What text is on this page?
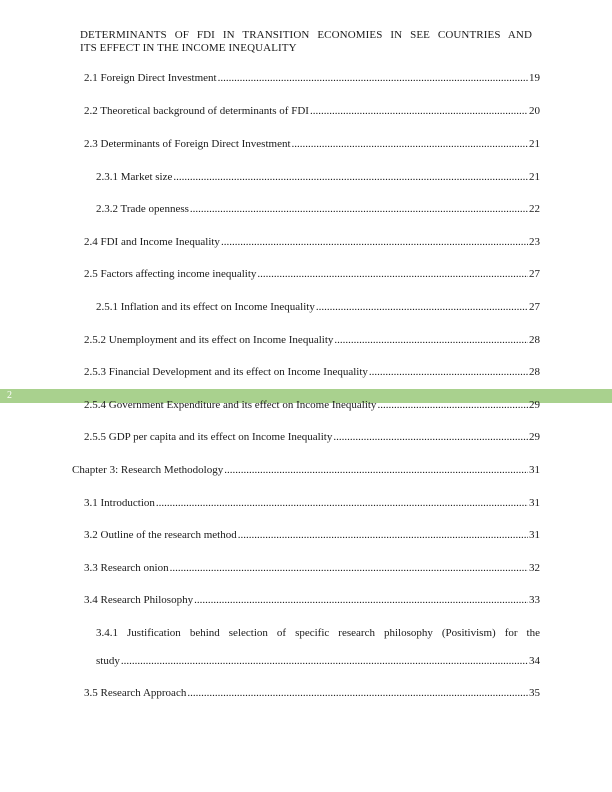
DETERMINANTS OF FDI IN TRANSITION ECONOMIES IN SEE COUNTRIES AND
ITS EFFECT IN THE INCOME INEQUALITY
2.1 Foreign Direct Investment .....	19
2.2 Theoretical background of determinants of FDI .....	20
2.3 Determinants of Foreign Direct Investment .....	21
2.3.1 Market size .....	21
2.3.2 Trade openness .....	22
2.4 FDI and Income Inequality .....	23
2.5 Factors affecting income inequality .....	27
2.5.1 Inflation and its effect on Income Inequality .....	27
2.5.2 Unemployment and its effect on Income Inequality .....	28
2.5.3 Financial Development and its effect on Income Inequality .....	28
2
2.5.4 Government Expenditure and its effect on Income Inequality .....	29
2.5.5 GDP per capita and its effect on Income Inequality .....	29
Chapter 3: Research Methodology .....	31
3.1 Introduction .....	31
3.2 Outline of the research method .....	31
3.3 Research onion .....	32
3.4 Research Philosophy .....	33
3.4.1 Justification behind selection of specific research philosophy (Positivism) for the
study .....	34
3.5 Research Approach .....	35
